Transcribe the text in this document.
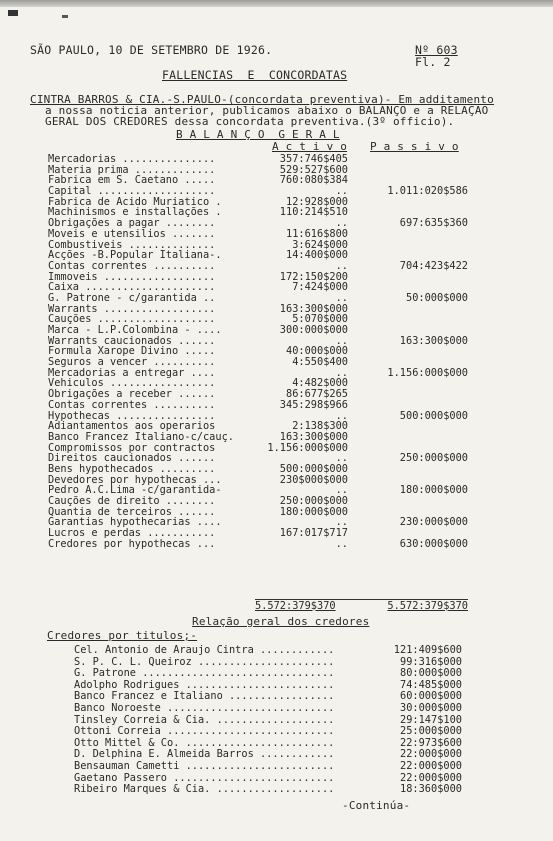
SÃO PAULO, 10 DE SETEMBRO DE 1926.	Nº 603
Fl. 2
FALLENCIAS  E  CONCORDATAS
CINTRA BARROS & CIA.-S.PAULO-(concordata preventiva)- Em additamento
a nossa noticia anterior, publicamos abaixo o BALANÇO e a RELAÇÃO
GERAL DOS CREDORES dessa concordata preventiva.(3º officio).
B A L A N Ç O  G E R A L
A c t i v o P a s s i v o
Mercadorias ...............	357:746$405
Materia prima .............	529:527$600
Fabrica em S. Caetano .....	760:080$384
Capital ...................	..	1.011:020$586
Fabrica de Acido Muriatico .	12:928$000
Machinismos e installações .	110:214$510
Obrigações a pagar ........	..	697:635$360
Moveis e utensilios .......	11:616$800
Combustiveis ..............	3:624$000
Acções -B.Popular Italiana-.	14:400$000
Contas correntes ..........	..	704:423$422
Immoveis ..................	172:150$200
Caixa .....................	7:424$000
G. Patrone - c/garantida ..	..	50:000$000
Warrants ..................	163:300$000
Cauções ...................	5:070$000
Marca - L.P.Colombina - ....	300:000$000
Warrants caucionados ......	..	163:300$000
Formula Xarope Divino .....	40:000$000
Seguros a vencer ..........	4:550$400
Mercadorias a entregar ....	..	1.156:000$000
Vehiculos .................	4:482$000
Obrigações a receber ......	86:677$265
Contas correntes ..........	345:298$966
Hypothecas ................	..	500:000$000
Adiantamentos aos operarios	2:138$300
Banco Francez Italiano-c/cauç.	163:300$000
Compromissos por contractos	1.156:000$000
Direitos caucionados ......	..	250:000$000
Bens hypothecados .........	500:000$000
Devedores por hypothecas ...	230$000$000
Pedro A.C.Lima -c/garantida-	..	180:000$000
Cauções de direito ........	250:000$000
Quantia de terceiros ......	180:000$000
Garantias hypothecarias ....	..	230:000$000
Lucros e perdas ...........	167:017$717
Credores por hypothecas ...	..	630:000$000

5.572:379$370

	5.572:379$370

Relação geral dos credores
Credores por titulos;-
Cel. Antonio de Araujo Cintra ............	121:409$600
S. P. C. L. Queiroz ......................	99:316$000
G. Patrone ...............................	80:000$000
Adolpho Rodrigues ........................	74:485$000
Banco Francez e Italiano .................	60:000$000
Banco Noroeste ...........................	30:000$000
Tinsley Correia & Cia. ...................	29:147$100
Ottoni Correia ...........................	25:000$000
Otto Mittel & Co. ........................	22:973$600
D. Delphina E. Almeida Barros ............	22:000$000
Bensauman Cametti ........................	22:000$000
Gaetano Passero ..........................	22:000$000
Ribeiro Marques & Cia. ...................	18:360$000
-Continúa-
